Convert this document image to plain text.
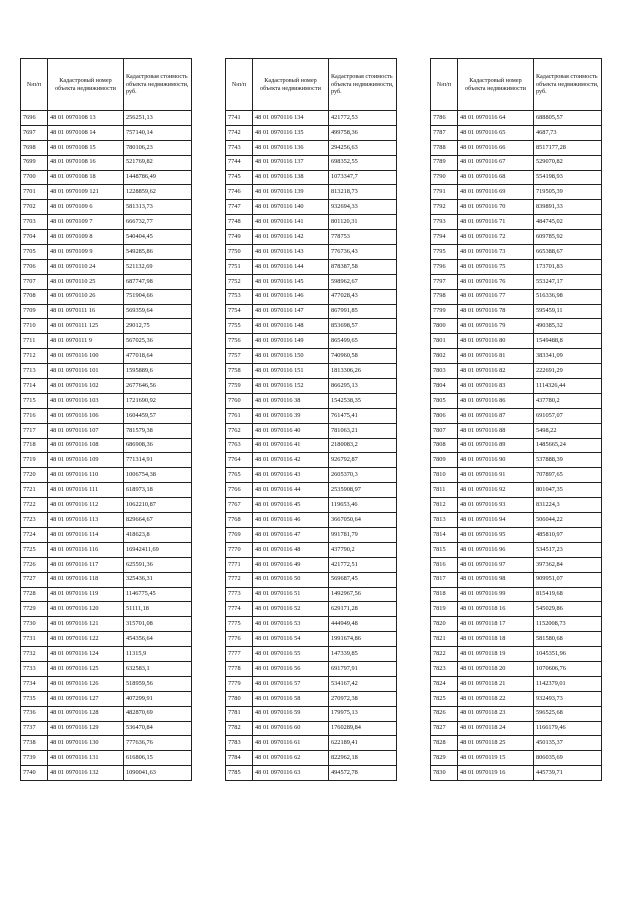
№п/п	Кадастровый номер объекта недвижимости	Кадастровая стоимость объекта недвижимости, руб.
7696	48 01 0970108 13	256251,13
7697	48 01 0970108 14	757140,14
7698	48 01 0970108 15	780106,23
7699	48 01 0970108 16	521769,82
7700	48 01 0970108 18	1448786,49
7701	48 01 0970109 121	1228859,62
7702	48 01 0970109 6	581313,73
7703	48 01 0970109 7	666732,77
7704	48 01 0970109 8	540404,45
7705	48 01 0970109 9	549285,86
7706	48 01 0970110 24	521132,69
7707	48 01 0970110 25	687747,98
7708	48 01 0970110 26	751904,66
7709	48 01 0970111 16	569359,64
7710	48 01 0970111 125	29012,75
7711	48 01 0970111 9	567025,36
7712	48 01 0970116 100	477018,64
7713	48 01 0970116 101	1595889,6
7714	48 01 0970116 102	2677646,56
7715	48 01 0970116 103	1721690,92
7716	48 01 0970116 106	1604459,57
7717	48 01 0970116 107	781579,38
7718	48 01 0970116 108	686908,36
7719	48 01 0970116 109	771314,91
7720	48 01 0970116 110	1006754,38
7721	48 01 0970116 111	618973,18
7722	48 01 0970116 112	1062210,87
7723	48 01 0970116 113	829664,67
7724	48 01 0970116 114	418623,8
7725	48 01 0970116 116	16942411,69
7726	48 01 0970116 117	625591,36
7727	48 01 0970116 118	325436,31
7728	48 01 0970116 119	1146775,45
7729	48 01 0970116 120	51111,18
7730	48 01 0970116 121	315701,08
7731	48 01 0970116 122	454356,64
7732	48 01 0970116 124	11315,9
7733	48 01 0970116 125	632583,1
7734	48 01 0970116 126	518959,56
7735	48 01 0970116 127	407299,91
7736	48 01 0970116 128	482870,69
7737	48 01 0970116 129	536470,84
7738	48 01 0970116 130	777636,76
7739	48 01 0970116 131	616806,15
7740	48 01 0970116 132	1090041,63
№п/п	Кадастровый номер объекта недвижимости	Кадастровая стоимость объекта недвижимости, руб.
7741	48 01 0970116 134	421772,53
7742	48 01 0970116 135	499758,36
7743	48 01 0970116 136	294256,63
7744	48 01 0970116 137	698352,55
7745	48 01 0970116 138	1073347,7
7746	48 01 0970116 139	813218,73
7747	48 01 0970116 140	932694,33
7748	48 01 0970116 141	801120,31
7749	48 01 0970116 142	778753
7750	48 01 0970116 143	776736,43
7751	48 01 0970116 144	878387,58
7752	48 01 0970116 145	598962,67
7753	48 01 0970116 146	477028,43
7754	48 01 0970116 147	867991,85
7755	48 01 0970116 148	853698,57
7756	48 01 0970116 149	865499,65
7757	48 01 0970116 150	740960,58
7758	48 01 0970116 151	1813306,26
7759	48 01 0970116 152	866295,13
7760	48 01 0970116 38	1542538,35
7761	48 01 0970116 39	761475,41
7762	48 01 0970116 40	781063,21
7763	48 01 0970116 41	2180083,2
7764	48 01 0970116 42	926792,87
7765	48 01 0970116 43	2605370,3
7766	48 01 0970116 44	2535908,97
7767	48 01 0970116 45	119653,46
7768	48 01 0970116 46	3667050,64
7769	48 01 0970116 47	991781,79
7770	48 01 0970116 48	437790,2
7771	48 01 0970116 49	421772,51
7772	48 01 0970116 50	569687,45
7773	48 01 0970116 51	1492967,56
7774	48 01 0970116 52	629171,28
7775	48 01 0970116 53	444949,48
7776	48 01 0970116 54	1991674,86
7777	48 01 0970116 55	147339,85
7778	48 01 0970116 56	691797,91
7779	48 01 0970116 57	534167,42
7780	48 01 0970116 58	270972,38
7781	48 01 0970116 59	179975,13
7782	48 01 0970116 60	1760289,84
7783	48 01 0970116 61	622189,41
7784	48 01 0970116 62	822962,18
7785	48 01 0970116 63	494572,78
№п/п	Кадастровый номер объекта недвижимости	Кадастровая стоимость объекта недвижимости, руб.
7786	48 01 0970116 64	688805,57
7787	48 01 0970116 65	4687,73
7788	48 01 0970116 66	8517177,28
7789	48 01 0970116 67	529070,82
7790	48 01 0970116 68	554198,93
7791	48 01 0970116 69	719505,39
7792	48 01 0970116 70	839891,33
7793	48 01 0970116 71	484745,02
7794	48 01 0970116 72	609785,92
7795	48 01 0970116 73	665388,67
7796	48 01 0970116 75	173701,83
7797	48 01 0970116 76	553247,17
7798	48 01 0970116 77	516336,98
7799	48 01 0970116 78	595459,11
7800	48 01 0970116 79	490385,32
7801	48 01 0970116 80	1549488,8
7802	48 01 0970116 81	383341,09
7803	48 01 0970116 82	222691,29
7804	48 01 0970116 83	1114326,44
7805	48 01 0970116 86	437780,2
7806	48 01 0970116 87	691057,07
7807	48 01 0970116 88	5498,22
7808	48 01 0970116 89	1485665,24
7809	48 01 0970116 90	537888,39
7810	48 01 0970116 91	707897,65
7811	48 01 0970116 92	801047,35
7812	48 01 0970116 93	831224,3
7813	48 01 0970116 94	506044,22
7814	48 01 0970116 95	485810,97
7815	48 01 0970116 96	534517,23
7816	48 01 0970116 97	397362,84
7817	48 01 0970116 98	909951,07
7818	48 01 0970116 99	815419,68
7819	48 01 0970118 16	545029,86
7820	48 01 0970118 17	1152008,73
7821	48 01 0970118 18	581580,68
7822	48 01 0970118 19	1045351,96
7823	48 01 0970118 20	1070606,76
7824	48 01 0970118 21	1142379,01
7825	48 01 0970118 22	932493,73
7826	48 01 0970118 23	596525,68
7827	48 01 0970118 24	1166179,46
7828	48 01 0970118 25	450135,37
7829	48 01 0970119 15	806035,69
7830	48 01 0970119 16	445739,71
